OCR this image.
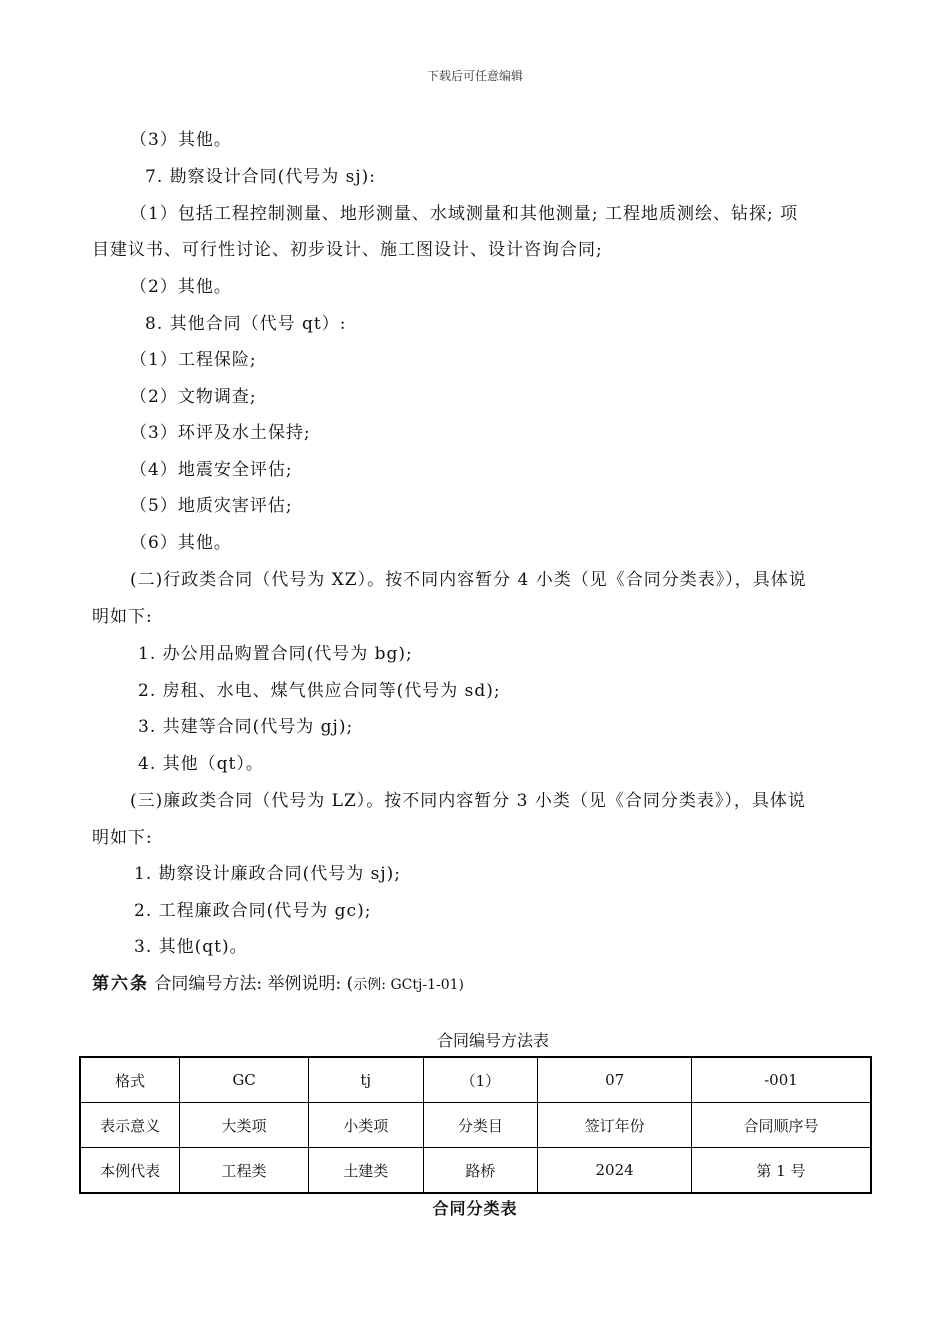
下载后可任意编辑
（3）其他。
7. 勘察设计合同(代号为 sj):
（1）包括工程控制测量、地形测量、水域测量和其他测量; 工程地质测绘、钻探; 项
目建议书、可行性讨论、初步设计、施工图设计、设计咨询合同;
（2）其他。
8. 其他合同（代号 qt）:
（1）工程保险;
（2）文物调查;
（3）环评及水土保持;
（4）地震安全评估;
（5）地质灾害评估;
（6）其他。
(二)行政类合同（代号为 XZ）。按不同内容暂分 4 小类（见《合同分类表》），具体说
明如下:
1. 办公用品购置合同(代号为 bg);
2. 房租、水电、煤气供应合同等(代号为 sd);
3. 共建等合同(代号为 gj);
4. 其他（qt）。
(三)廉政类合同（代号为 LZ）。按不同内容暂分 3 小类（见《合同分类表》），具体说
明如下:
1. 勘察设计廉政合同(代号为 sj);
2. 工程廉政合同(代号为 gc);
3. 其他(qt)。
第六条 合同编号方法: 举例说明: (示例: GCtj-1-01)
合同编号方法表
格式	GC	tj	（1）	07	-001
表示意义	大类项	小类项	分类目	签订年份	合同顺序号
本例代表	工程类	土建类	路桥	2024	第 1 号
合同分类表
